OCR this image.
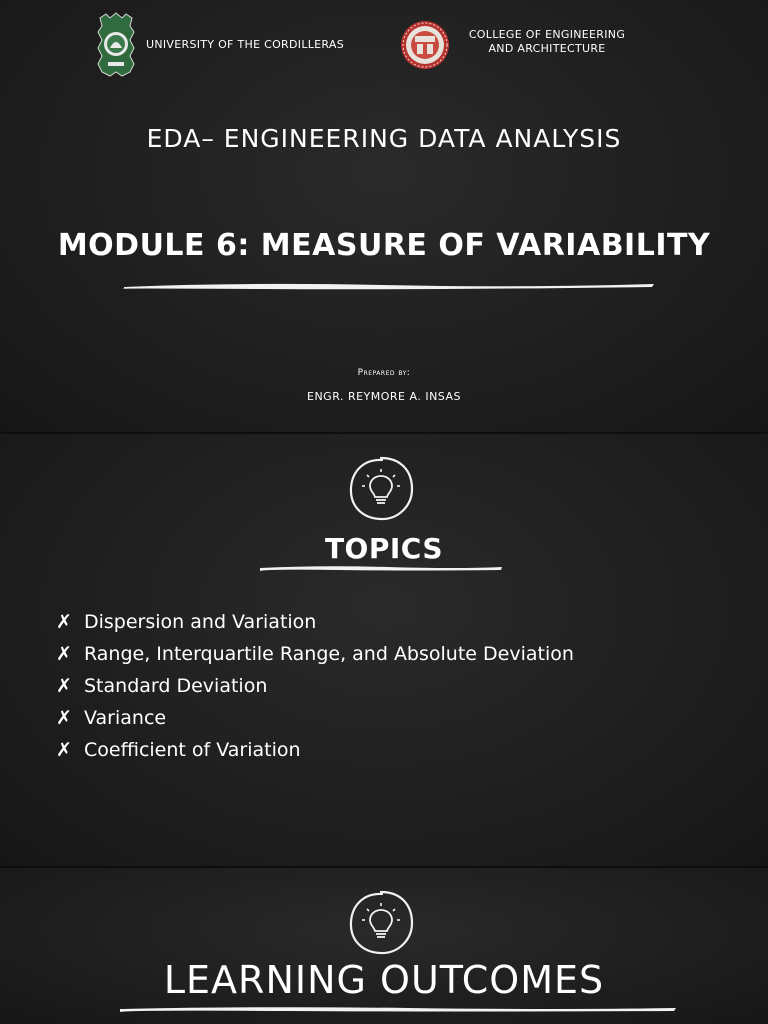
UNIVERSITY OF THE CORDILLERAS
COLLEGE OF ENGINEERING
AND ARCHITECTURE
EDA– ENGINEERING DATA ANALYSIS
MODULE 6: MEASURE OF VARIABILITY
Prepared by:
ENGR. REYMORE A. INSAS
TOPICS
✗ Dispersion and Variation
✗ Range, Interquartile Range, and Absolute Deviation
✗ Standard Deviation
✗ Variance
✗ Coefficient of Variation
LEARNING OUTCOMES
